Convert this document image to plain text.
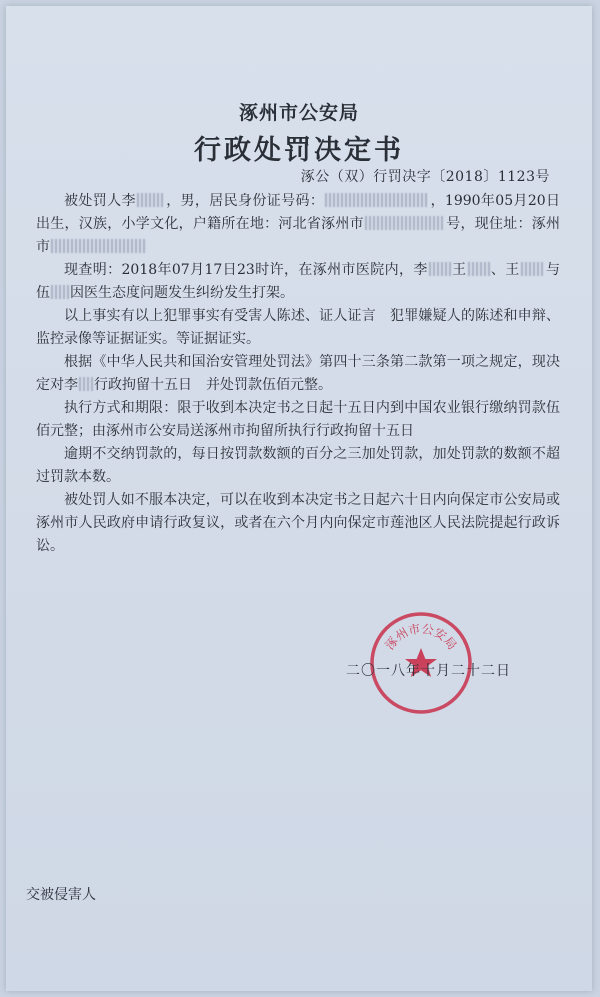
涿州市公安局
行政处罚决定书
涿公（双）行罚决字〔2018〕1123号

被处罚人李 ，男，居民身份证号码：	，1990年05月20日出生，汉族，小学文化，户籍所在地：河北省涿州市	号，现住址：涿州市

现查明：2018年07月17日23时许，在涿州市医院内，李 王 、王 与伍 因医生态度问题发生纠纷发生打架。

以上事实有以上犯罪事实有受害人陈述、证人证言　犯罪嫌疑人的陈述和申辩、监控录像等证据证实。等证据证实。

根据《中华人民共和国治安管理处罚法》第四十三条第二款第一项之规定，现决定对李 行政拘留十五日　并处罚款伍佰元整。

执行方式和期限：限于收到本决定书之日起十五日内到中国农业银行缴纳罚款伍佰元整；由涿州市公安局送涿州市拘留所执行行政拘留十五日

逾期不交纳罚款的，每日按罚款数额的百分之三加处罚款，加处罚款的数额不超过罚款本数。

被处罚人如不服本决定，可以在收到本决定书之日起六十日内向保定市公安局或涿州市人民政府申请行政复议，或者在六个月内向保定市莲池区人民法院提起行政诉讼。

涿州市公安局
二〇一八年十月二十二日
交被侵害人
